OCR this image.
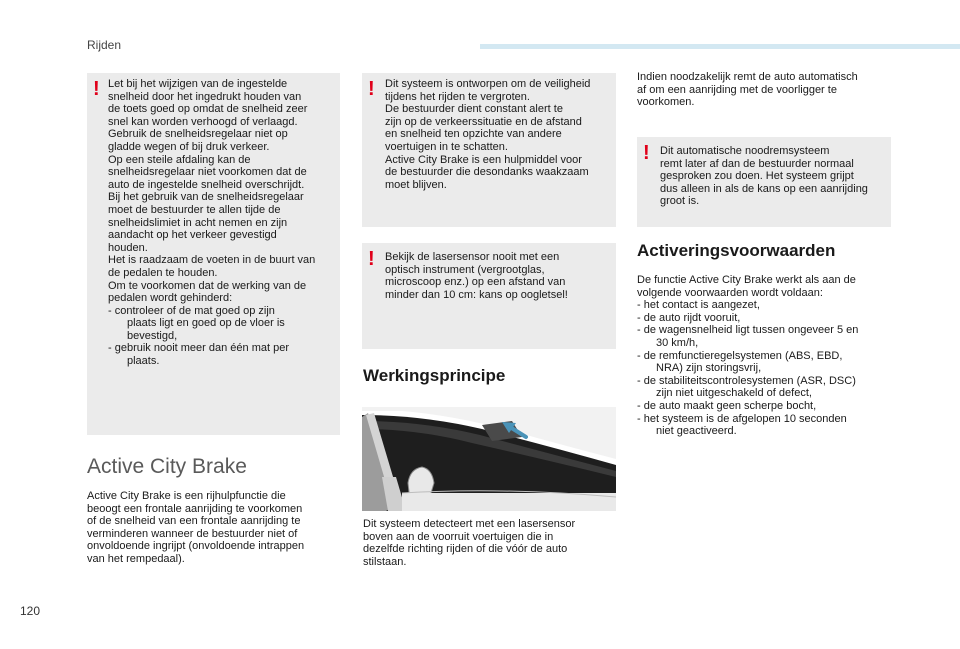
Rijden
! Let bij het wijzigen van de ingestelde
snelheid door het ingedrukt houden van
de toets goed op omdat de snelheid zeer
snel kan worden verhoogd of verlaagd.
Gebruik de snelheidsregelaar niet op
gladde wegen of bij druk verkeer.
Op een steile afdaling kan de
snelheidsregelaar niet voorkomen dat de
auto de ingestelde snelheid overschrijdt.
Bij het gebruik van de snelheidsregelaar
moet de bestuurder te allen tijde de
snelheidslimiet in acht nemen en zijn
aandacht op het verkeer gevestigd
houden.
Het is raadzaam de voeten in de buurt van
de pedalen te houden.
Om te voorkomen dat de werking van de
pedalen wordt gehinderd:
- controleer of de mat goed op zijn
plaats ligt en goed op de vloer is
bevestigd,
- gebruik nooit meer dan één mat per
plaats.
Active City Brake
Active City Brake is een rijhulpfunctie die
beoogt een frontale aanrijding te voorkomen
of de snelheid van een frontale aanrijding te
verminderen wanneer de bestuurder niet of
onvoldoende ingrijpt (onvoldoende intrappen
van het rempedaal).
! Dit systeem is ontworpen om de veiligheid
tijdens het rijden te vergroten.
De bestuurder dient constant alert te
zijn op de verkeerssituatie en de afstand
en snelheid ten opzichte van andere
voertuigen in te schatten.
Active City Brake is een hulpmiddel voor
de bestuurder die desondanks waakzaam
moet blijven.
! Bekijk de lasersensor nooit met een
optisch instrument (vergrootglas,
microscoop enz.) op een afstand van
minder dan 10 cm: kans op oogletsel!
Werkingsprincipe
Dit systeem detecteert met een lasersensor
boven aan de voorruit voertuigen die in
dezelfde richting rijden of die vóór de auto
stilstaan.
Indien noodzakelijk remt de auto automatisch
af om een aanrijding met de voorligger te
voorkomen.
! Dit automatische noodremsysteem
remt later af dan de bestuurder normaal
gesproken zou doen. Het systeem grijpt
dus alleen in als de kans op een aanrijding
groot is.
Activeringsvoorwaarden
De functie Active City Brake werkt als aan de
volgende voorwaarden wordt voldaan:
- het contact is aangezet,
- de auto rijdt vooruit,
- de wagensnelheid ligt tussen ongeveer 5 en
30 km/h,
- de remfunctieregelsystemen (ABS, EBD,
NRA) zijn storingsvrij,
- de stabiliteitscontrolesystemen (ASR, DSC)
zijn niet uitgeschakeld of defect,
- de auto maakt geen scherpe bocht,
- het systeem is de afgelopen 10 seconden
niet geactiveerd.
120
